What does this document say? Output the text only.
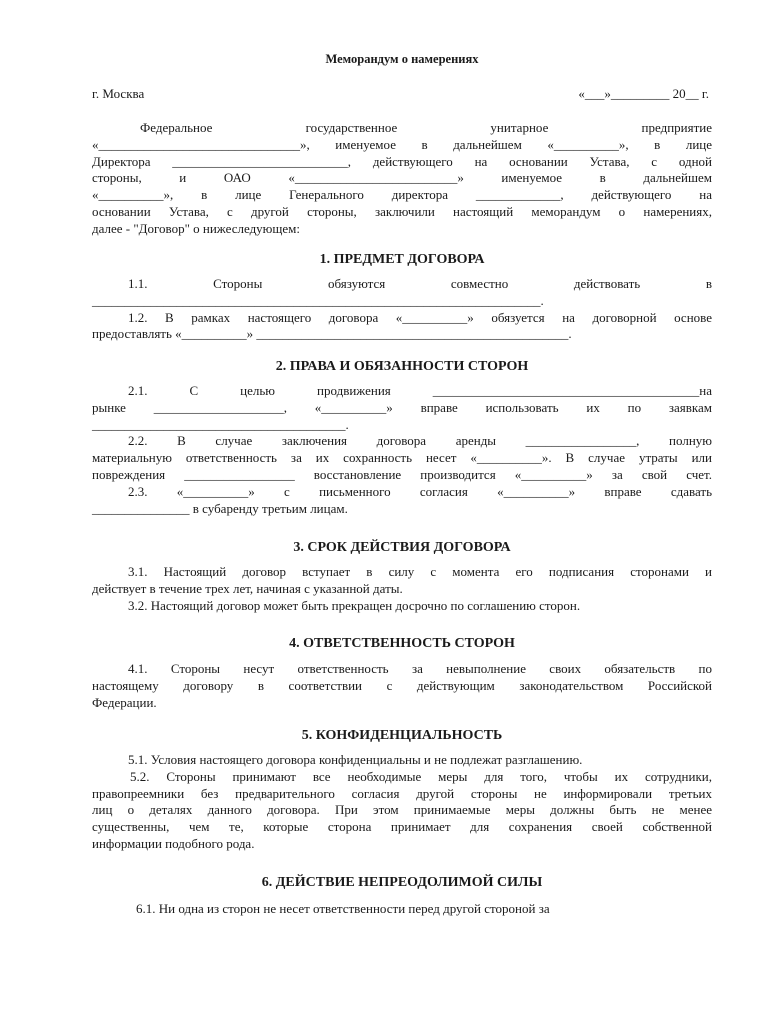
Меморандум о намерениях
г. Москва	«___»_________ 20__ г.
Федеральное государственное унитарное предприятие
«_______________________________», именуемое в дальнейшем «__________», в лице
Директора ___________________________, действующего на основании Устава, с одной
стороны, и ОАО «_________________________» именуемое в дальнейшем
«__________», в лице Генерального директора _____________, действующего на
основании Устава, с другой стороны, заключили настоящий меморандум о намерениях,
далее - "Договор" о нижеследующем:
1. ПРЕДМЕТ ДОГОВОРА
1.1. Стороны обязуются совместно действовать в
_____________________________________________________________________.
1.2. В рамках настоящего договора «__________» обязуется на договорной основе
предоставлять «__________» ________________________________________________.
2. ПРАВА И ОБЯЗАННОСТИ СТОРОН
2.1. С целью продвижения _________________________________________на
рынке ____________________, «__________» вправе использовать их по заявкам
_______________________________________.
2.2. В случае заключения договора аренды _________________, полную
материальную ответственность за их сохранность несет «__________». В случае утраты или
повреждения _________________ восстановление производится «__________» за свой счет.
2.3. «__________» с письменного согласия «__________» вправе сдавать
_______________ в субаренду третьим лицам.
3. СРОК ДЕЙСТВИЯ ДОГОВОРА
3.1. Настоящий договор вступает в силу с момента его подписания сторонами и
действует в течение трех лет, начиная с указанной даты.
3.2. Настоящий договор может быть прекращен досрочно по соглашению сторон.
4. ОТВЕТСТВЕННОСТЬ СТОРОН
4.1. Стороны несут ответственность за невыполнение своих обязательств по
настоящему договору в соответствии с действующим законодательством Российской
Федерации.
5. КОНФИДЕНЦИАЛЬНОСТЬ
5.1. Условия настоящего договора конфиденциальны и не подлежат разглашению.
5.2. Стороны принимают все необходимые меры для того, чтобы их сотрудники,
правопреемники без предварительного согласия другой стороны не информировали третьих
лиц о деталях данного договора. При этом принимаемые меры должны быть не менее
существенны, чем те, которые сторона принимает для сохранения своей собственной
информации подобного рода.
6. ДЕЙСТВИЕ НЕПРЕОДОЛИМОЙ СИЛЫ
6.1. Ни одна из сторон не несет ответственности перед другой стороной за
